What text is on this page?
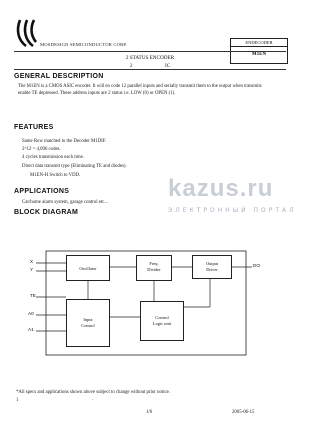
MOSDESIGN SEMICONDUCTOR CORP.	ENDECODER
M1EN
2 STATUS ENCODER
2	IC
GENERAL DESCRIPTION
The M1EN is a CMOS ASIC encoder. It will en code 12 parallel inputs and serially transmit them to the output when transmits
enable TE depressed. These address inputs are 2 status i.e. LOW (0) or OPEN (1).
FEATURES
Same Row matched to the Decoder M1DIF.
2^12 = 4,096 codes.
4 cycles transmission each time.
Direct data transmit type (Eliminating TE and diodes).
M1EN-H Switch to VDD.
APPLICATIONS
Car/home alarm system, garage control etc...
BLOCK DIAGRAM
kazus.ru
ЭЛЕКТРОННЫЙ ПОРТАЛ
X
Y
TE
A0
A1
DO
Oscillator
Freq.
Divider
Output
Driver
Input
Control
Control
Logic unit
*All specs and applications shown above subject to change without prior notice.
1	·
1/6	2005-06-15
